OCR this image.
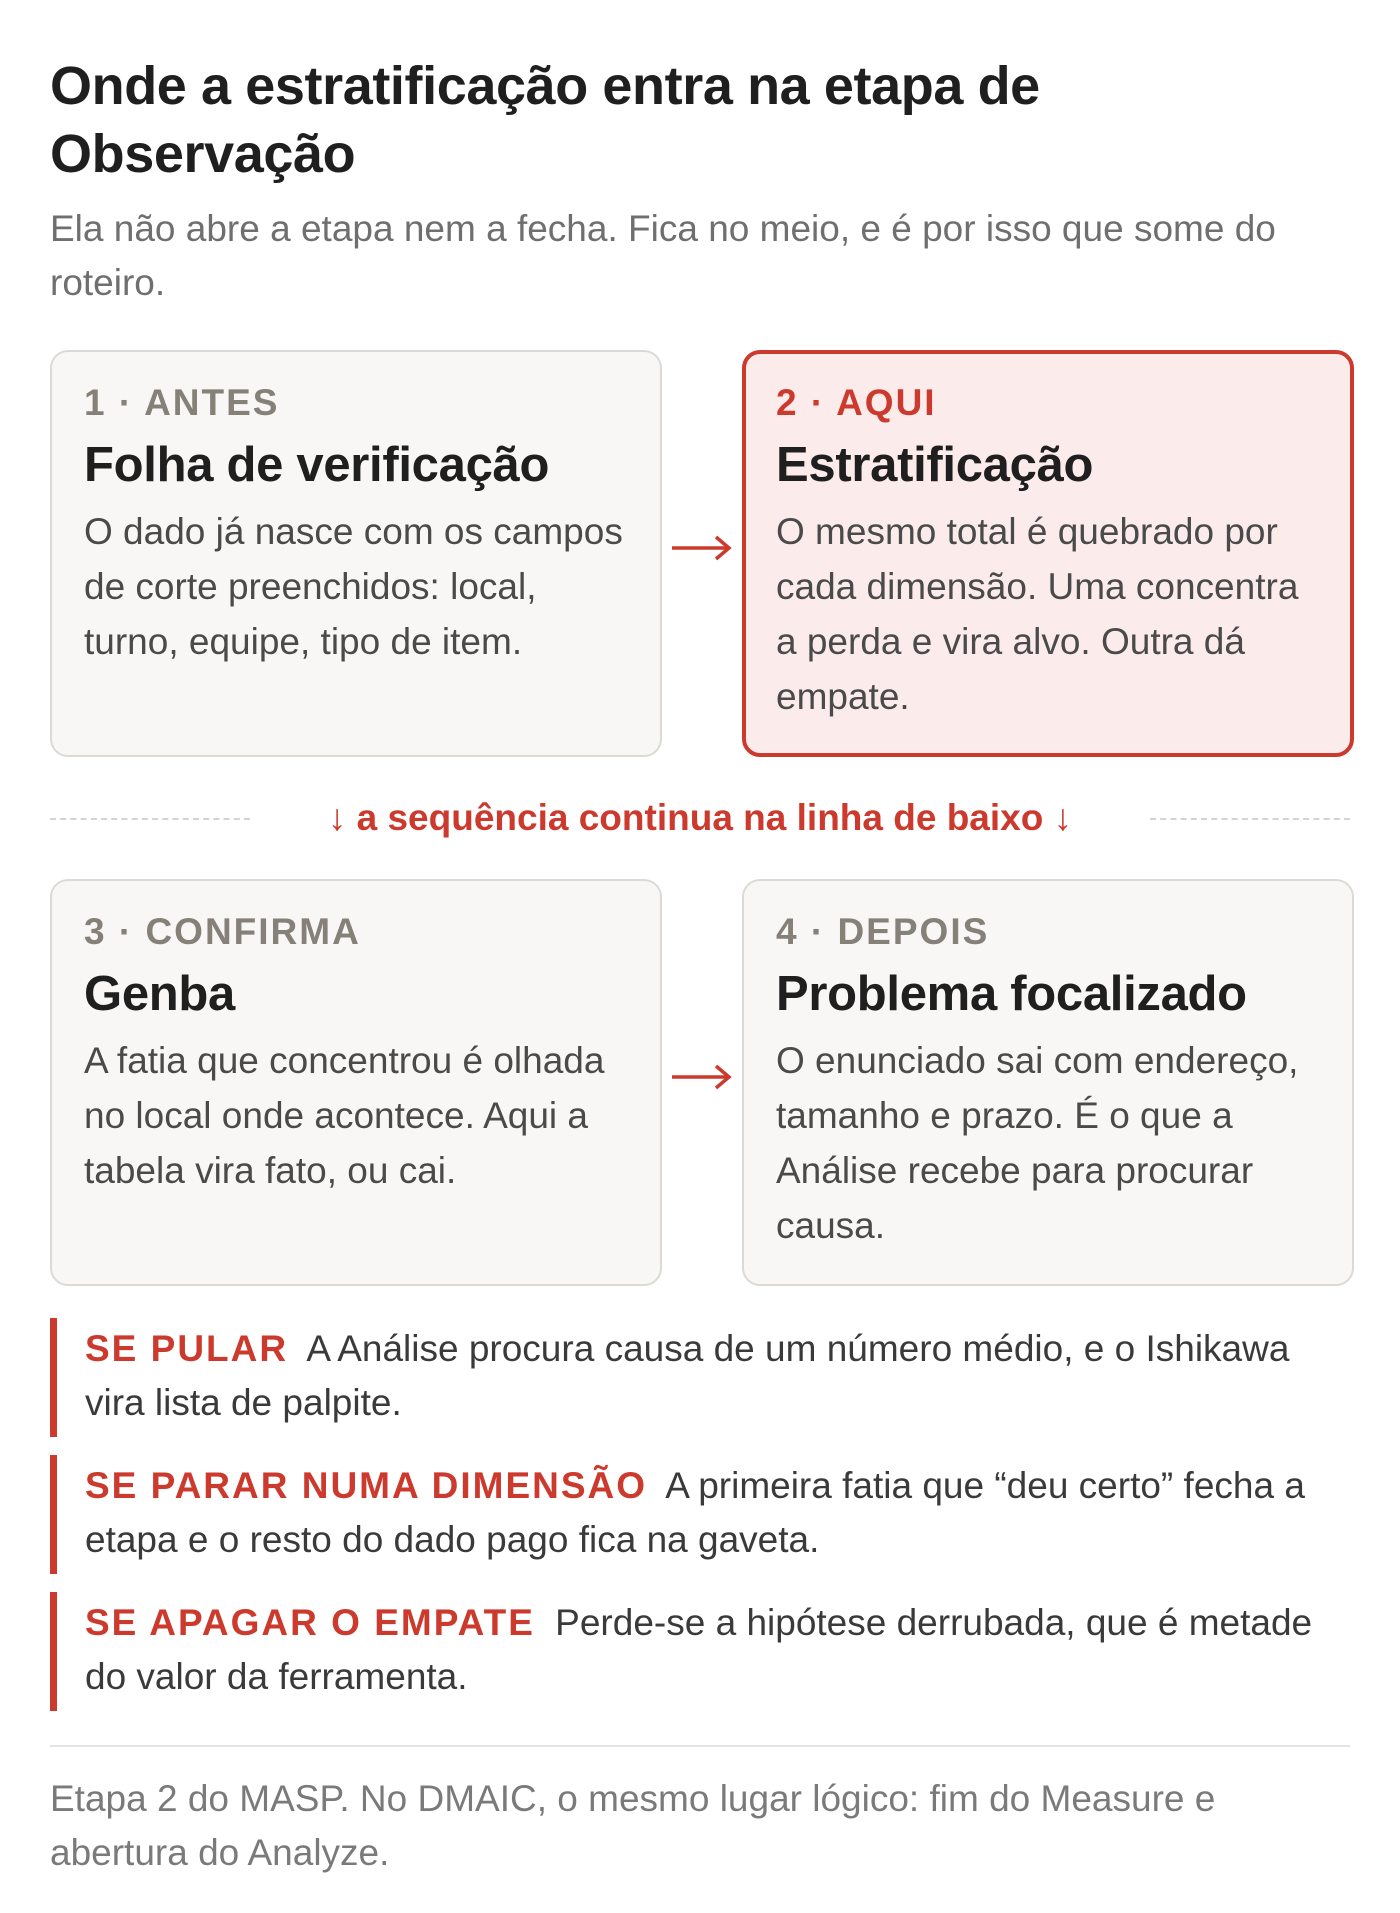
Onde a estratificação entra na etapa de Observação

Ela não abre a etapa nem a fecha. Fica no meio, e é por isso que some do roteiro.

1 · ANTES
Folha de verificação
O dado já nasce com os campos de corte preenchidos: local, turno, equipe, tipo de item.
2 · AQUI
Estratificação
O mesmo total é quebrado por cada dimensão. Uma concentra a perda e vira alvo. Outra dá empate.
↓ a sequência continua na linha de baixo ↓
3 · CONFIRMA
Genba
A fatia que concentrou é olhada no local onde acontece. Aqui a tabela vira fato, ou cai.
4 · DEPOIS
Problema focalizado
O enunciado sai com endereço, tamanho e prazo. É o que a Análise recebe para procurar causa.

SE PULAR A Análise procura causa de um número médio, e o Ishikawa vira lista de palpite.

SE PARAR NUMA DIMENSÃO A primeira fatia que “deu certo” fecha a etapa e o resto do dado pago fica na gaveta.

SE APAGAR O EMPATE Perde-se a hipótese derrubada, que é metade do valor da ferramenta.

Etapa 2 do MASP. No DMAIC, o mesmo lugar lógico: fim do Measure e abertura do Analyze.
